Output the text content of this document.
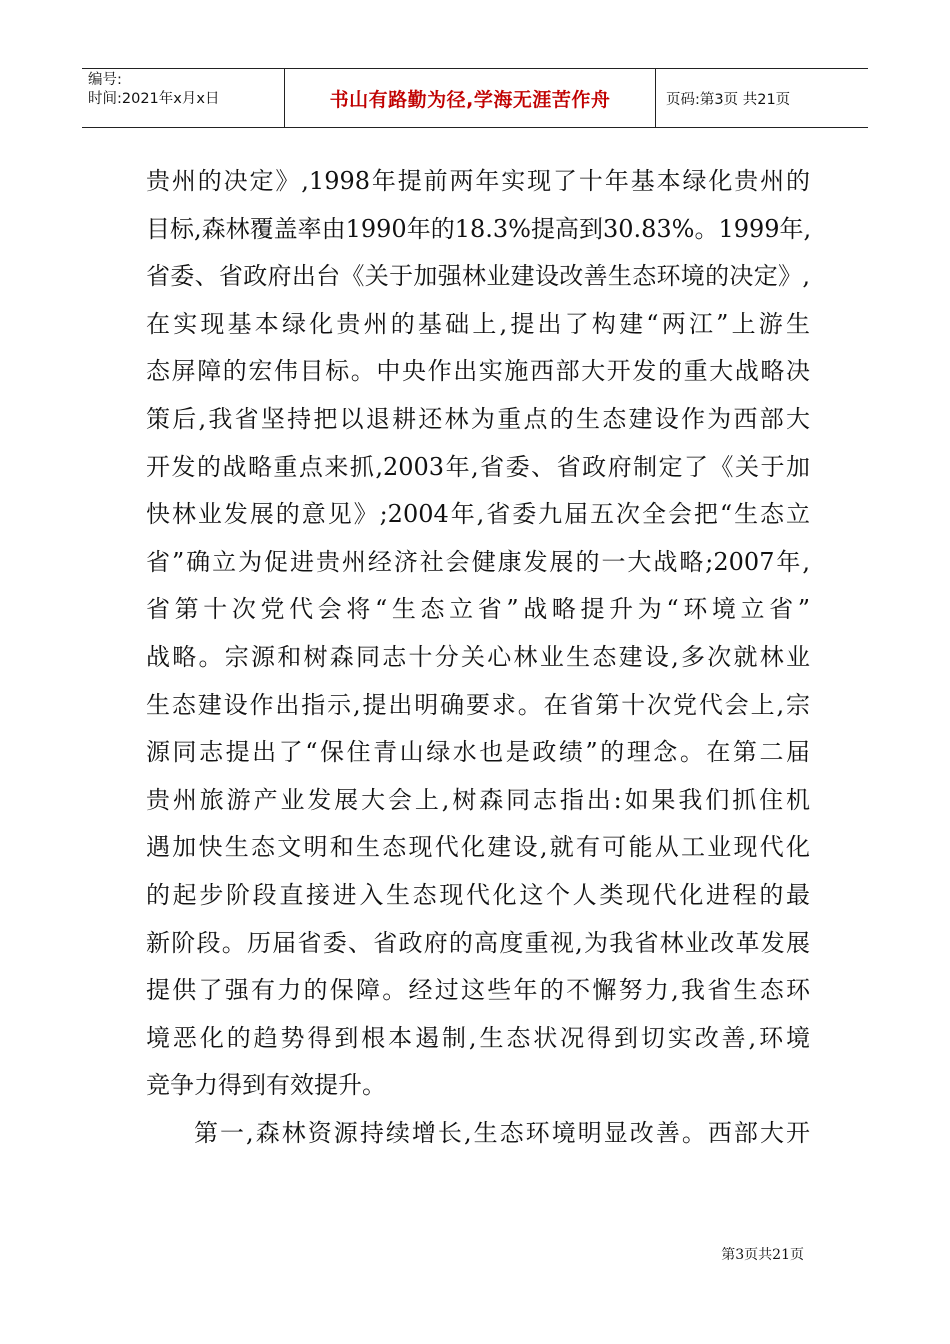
编号:
时间:2021年x月x日	书山有路勤为径,学海无涯苦作舟	页码:第3页 共21页
贵州的决定》,1998年提前两年实现了十年基本绿化贵州的
目标,森林覆盖率由1990年的18.3%提高到30.83%。1999年,
省委、省政府出台《关于加强林业建设改善生态环境的决定》,
在实现基本绿化贵州的基础上,提出了构建“两江”上游生
态屏障的宏伟目标。中央作出实施西部大开发的重大战略决
策后,我省坚持把以退耕还林为重点的生态建设作为西部大
开发的战略重点来抓,2003年,省委、省政府制定了《关于加
快林业发展的意见》;2004年,省委九届五次全会把“生态立
省”确立为促进贵州经济社会健康发展的一大战略;2007年,
省第十次党代会将“生态立省”战略提升为“环境立省”
战略。宗源和树森同志十分关心林业生态建设,多次就林业
生态建设作出指示,提出明确要求。在省第十次党代会上,宗
源同志提出了“保住青山绿水也是政绩”的理念。在第二届
贵州旅游产业发展大会上,树森同志指出:如果我们抓住机
遇加快生态文明和生态现代化建设,就有可能从工业现代化
的起步阶段直接进入生态现代化这个人类现代化进程的最
新阶段。历届省委、省政府的高度重视,为我省林业改革发展
提供了强有力的保障。经过这些年的不懈努力,我省生态环
境恶化的趋势得到根本遏制,生态状况得到切实改善,环境
竞争力得到有效提升。
第一,森林资源持续增长,生态环境明显改善。西部大开
第3页共21页
